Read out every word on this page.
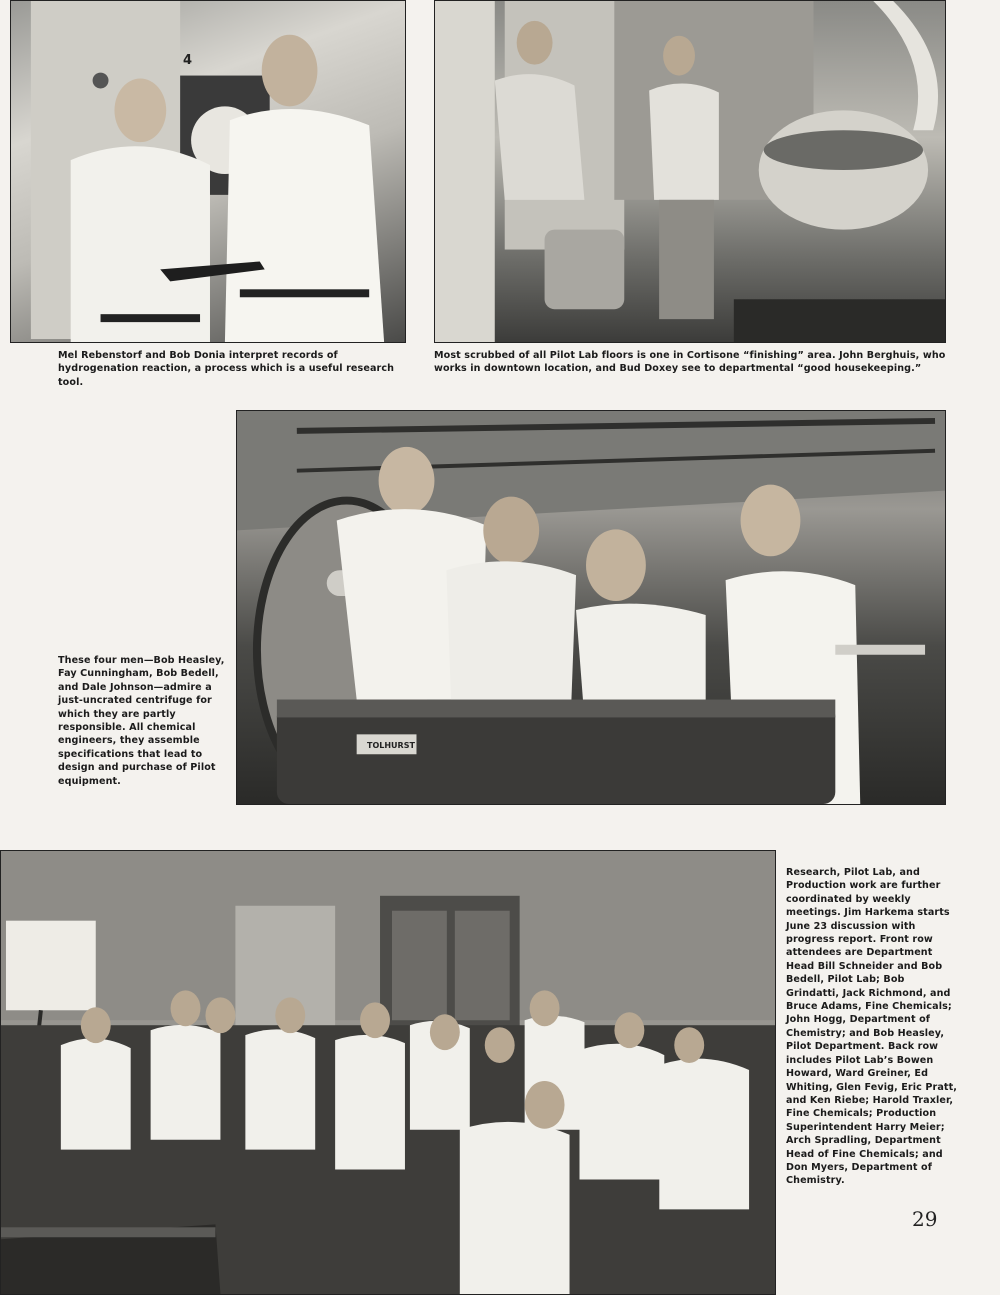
4
Mel Rebenstorf and Bob Donia interpret records of hydrogenation reaction, a process which is a useful research tool.
Most scrubbed of all Pilot Lab floors is one in Cortisone “finishing” area. John Berghuis, who works in downtown location, and Bud Doxey see to departmental “good housekeeping.”
TOLHURST
These four men—Bob Heasley, Fay Cunningham, Bob Bedell, and Dale Johnson—admire a just-uncrated centrifuge for which they are partly responsible. All chemical engineers, they assemble specifications that lead to design and purchase of Pilot equipment.
Research, Pilot Lab, and Production work are further coordinated by weekly meetings. Jim Harkema starts June 23 discussion with progress report. Front row attendees are Department Head Bill Schneider and Bob Bedell, Pilot Lab; Bob Grindatti, Jack Richmond, and Bruce Adams, Fine Chemicals; John Hogg, Department of Chemistry; and Bob Heasley, Pilot Department. Back row includes Pilot Lab’s Bowen Howard, Ward Greiner, Ed Whiting, Glen Fevig, Eric Pratt, and Ken Riebe; Harold Traxler, Fine Chemicals; Production Superintendent Harry Meier; Arch Spradling, Department Head of Fine Chemicals; and Don Myers, Department of Chemistry.
29
